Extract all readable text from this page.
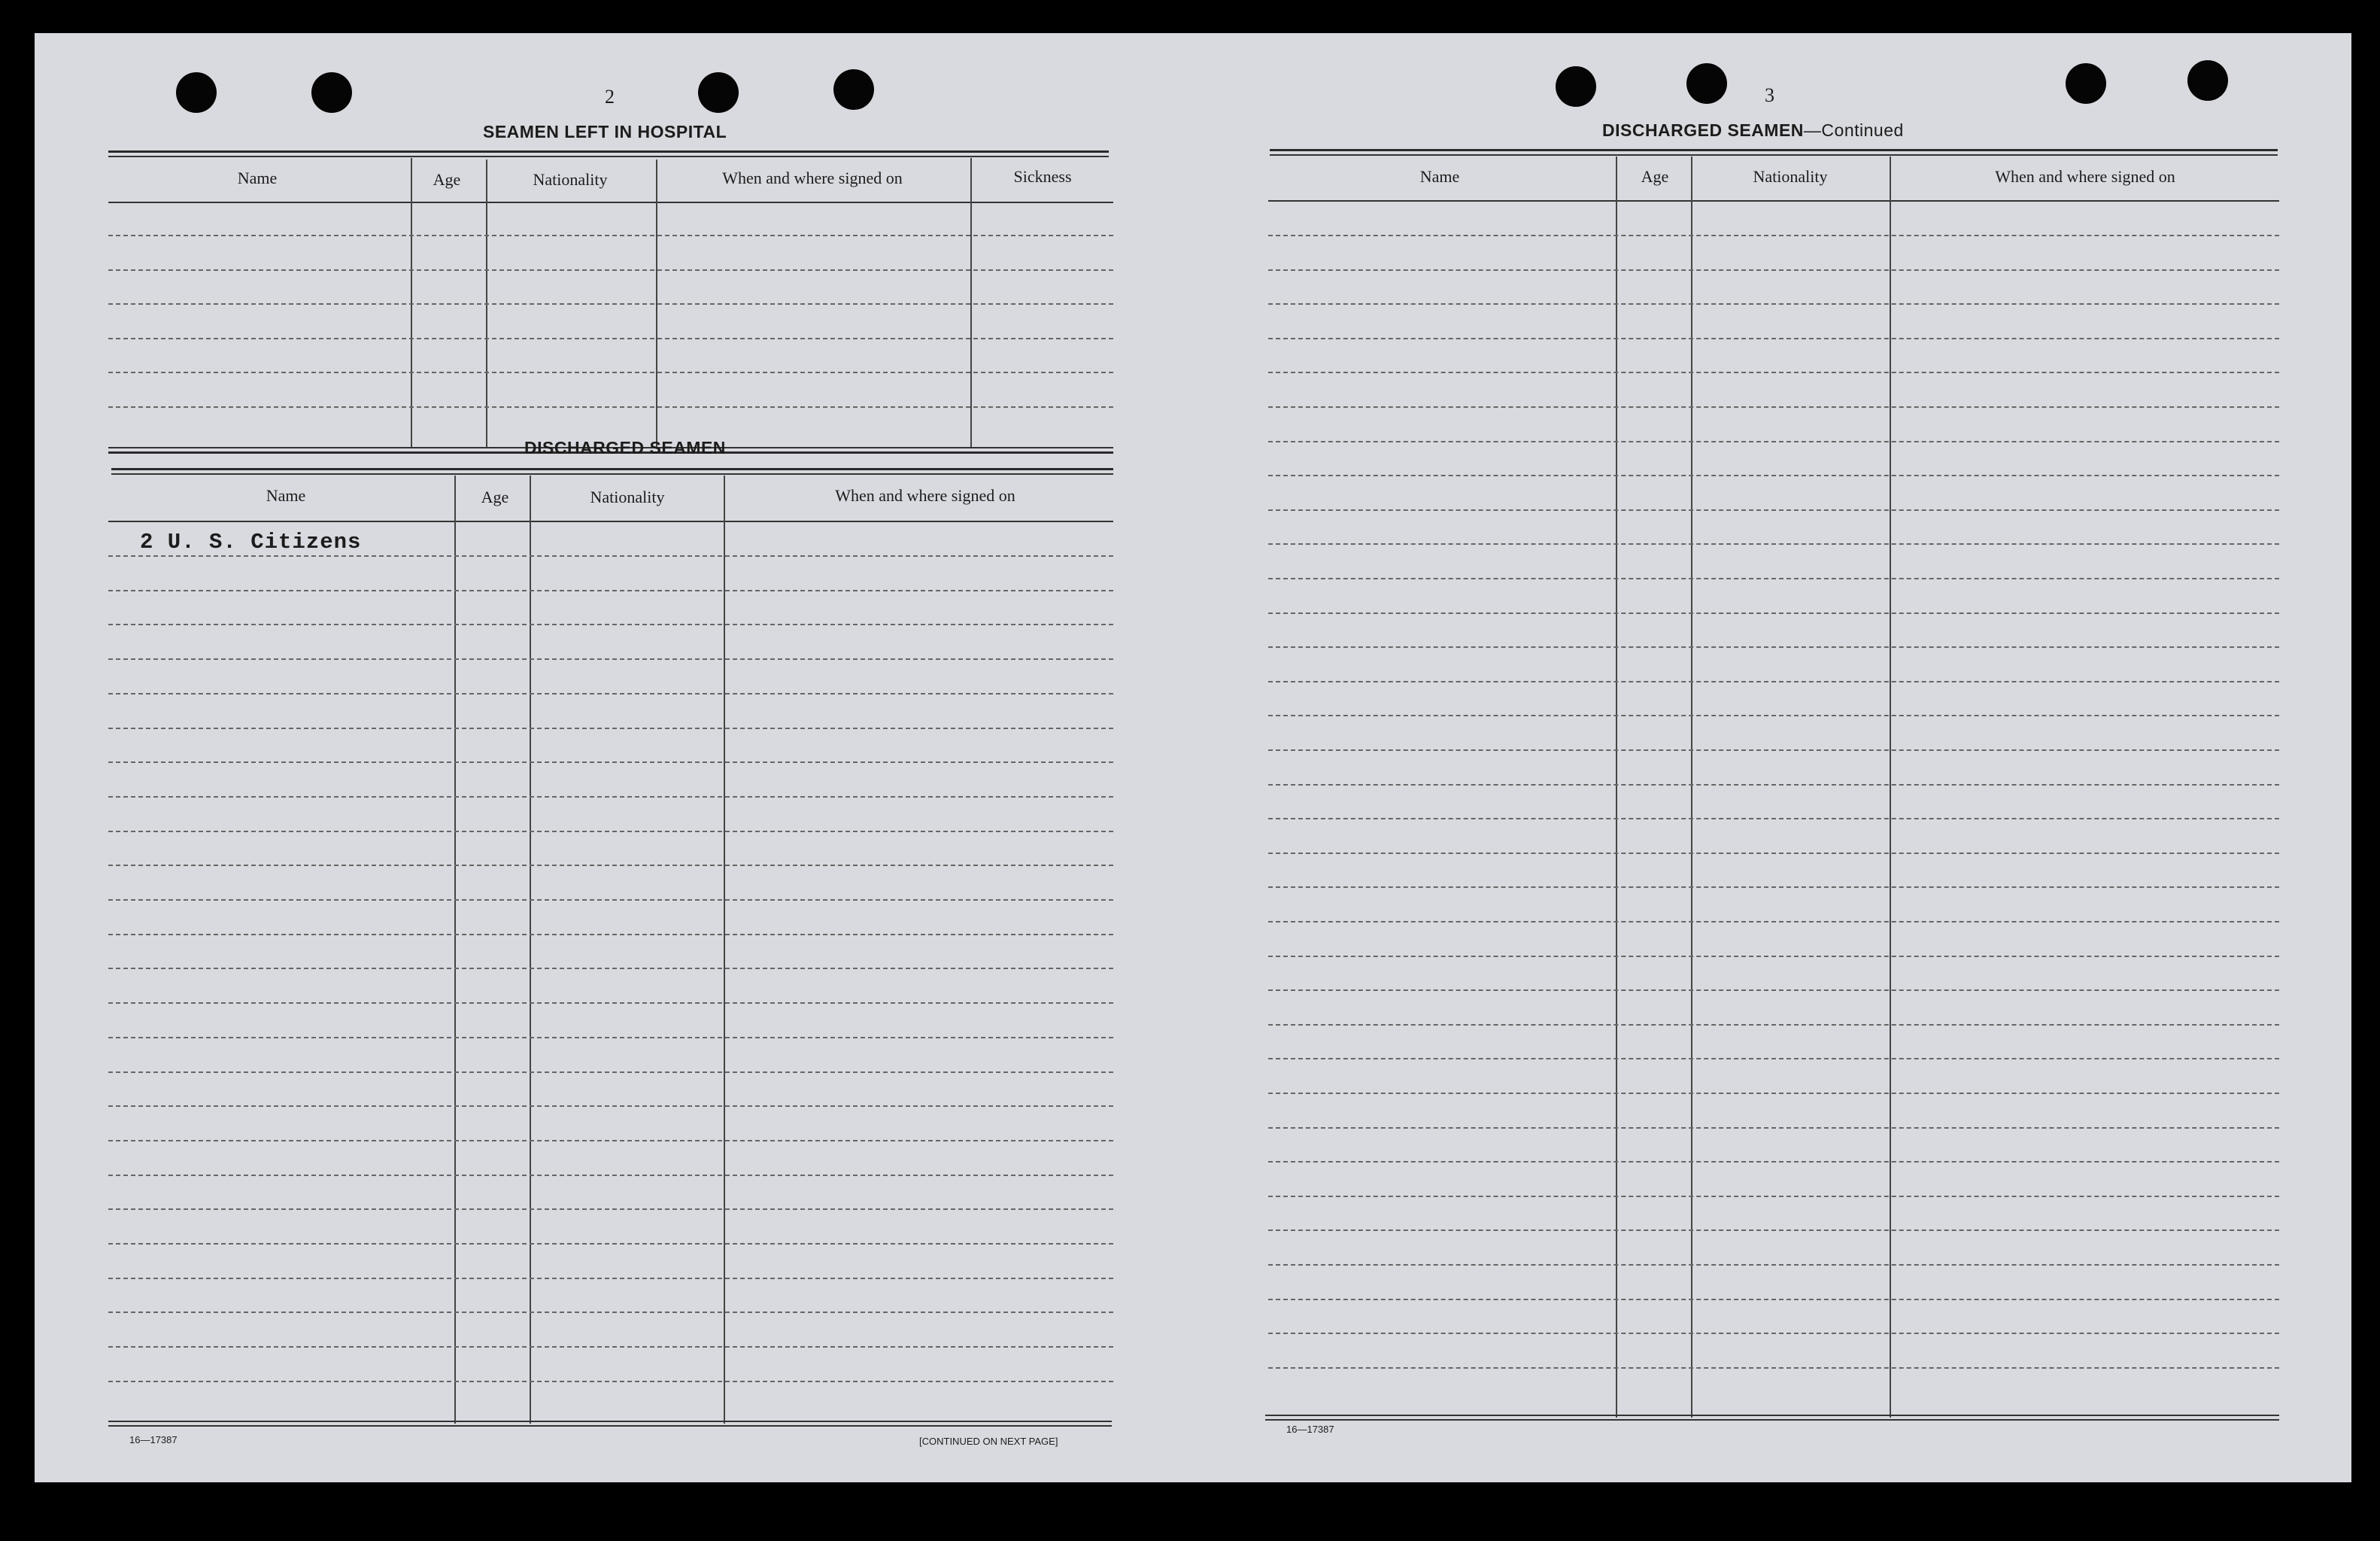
2
SEAMEN LEFT IN HOSPITAL
Name	Age	Nationality	When and where signed on	Sickness
DISCHARGED SEAMEN
Name	Age	Nationality	When and where signed on
2 U. S. Citizens
16—17387	[CONTINUED ON NEXT PAGE]
3
DISCHARGED SEAMEN—Continued
Name	Age	Nationality	When and where signed on
16—17387
